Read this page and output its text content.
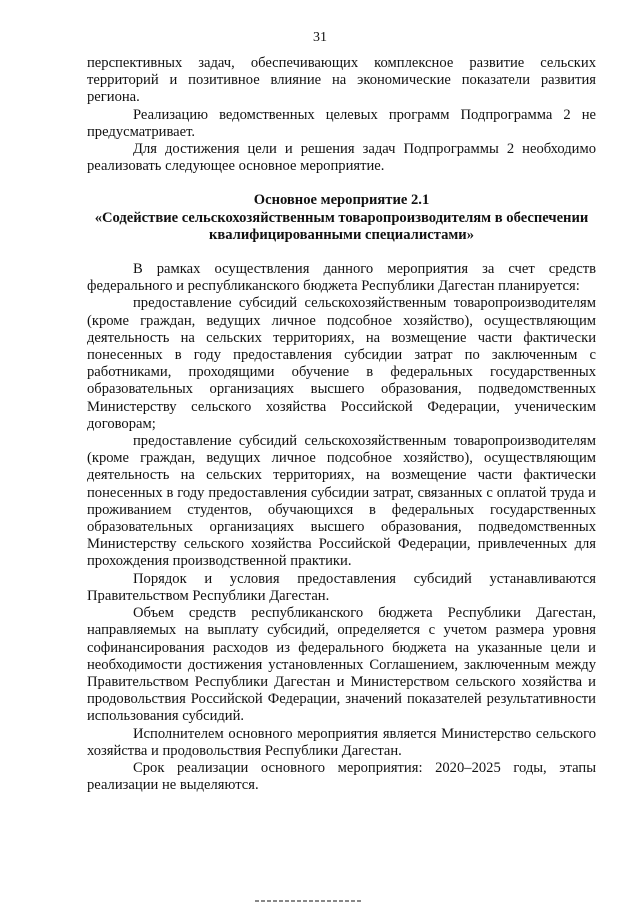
31

перспективных задач, обеспечивающих комплексное развитие сельских территорий и позитивное влияние на экономические показатели развития региона.

Реализацию ведомственных целевых программ Подпрограмма 2 не предусматривает.

Для достижения цели и решения задач Подпрограммы 2 необходимо реализовать следующее основное мероприятие.

Основное мероприятие 2.1

«Содействие сельскохозяйственным товаропроизводителям в обеспечении квалифицированными специалистами»

В рамках осуществления данного мероприятия за счет средств федерального и республиканского бюджета Республики Дагестан планируется:

предоставление субсидий сельскохозяйственным товаропроизводителям (кроме граждан, ведущих личное подсобное хозяйство), осуществляющим деятельность на сельских территориях, на возмещение части фактически понесенных в году предоставления субсидии затрат по заключенным с работниками, проходящими обучение в федеральных государственных образовательных организациях высшего образования, подведомственных Министерству сельского хозяйства Российской Федерации, ученическим договорам;

предоставление субсидий сельскохозяйственным товаропроизводителям (кроме граждан, ведущих личное подсобное хозяйство), осуществляющим деятельность на сельских территориях, на возмещение части фактически понесенных в году предоставления субсидии затрат, связанных с оплатой труда и проживанием студентов, обучающихся в федеральных государственных образовательных организациях высшего образования, подведомственных Министерству сельского хозяйства Российской Федерации, привлеченных для прохождения производственной практики.

Порядок и условия предоставления субсидий устанавливаются Правительством Республики Дагестан.

Объем средств республиканского бюджета Республики Дагестан, направляемых на выплату субсидий, определяется с учетом размера уровня софинансирования расходов из федерального бюджета на указанные цели и необходимости достижения установленных Соглашением, заключенным между Правительством Республики Дагестан и Министерством сельского хозяйства и продовольствия Российской Федерации, значений показателей результативности использования субсидий.

Исполнителем основного мероприятия является Министерство сельского хозяйства и продовольствия Республики Дагестан.

Срок реализации основного мероприятия: 2020–2025 годы, этапы реализации не выделяются.
